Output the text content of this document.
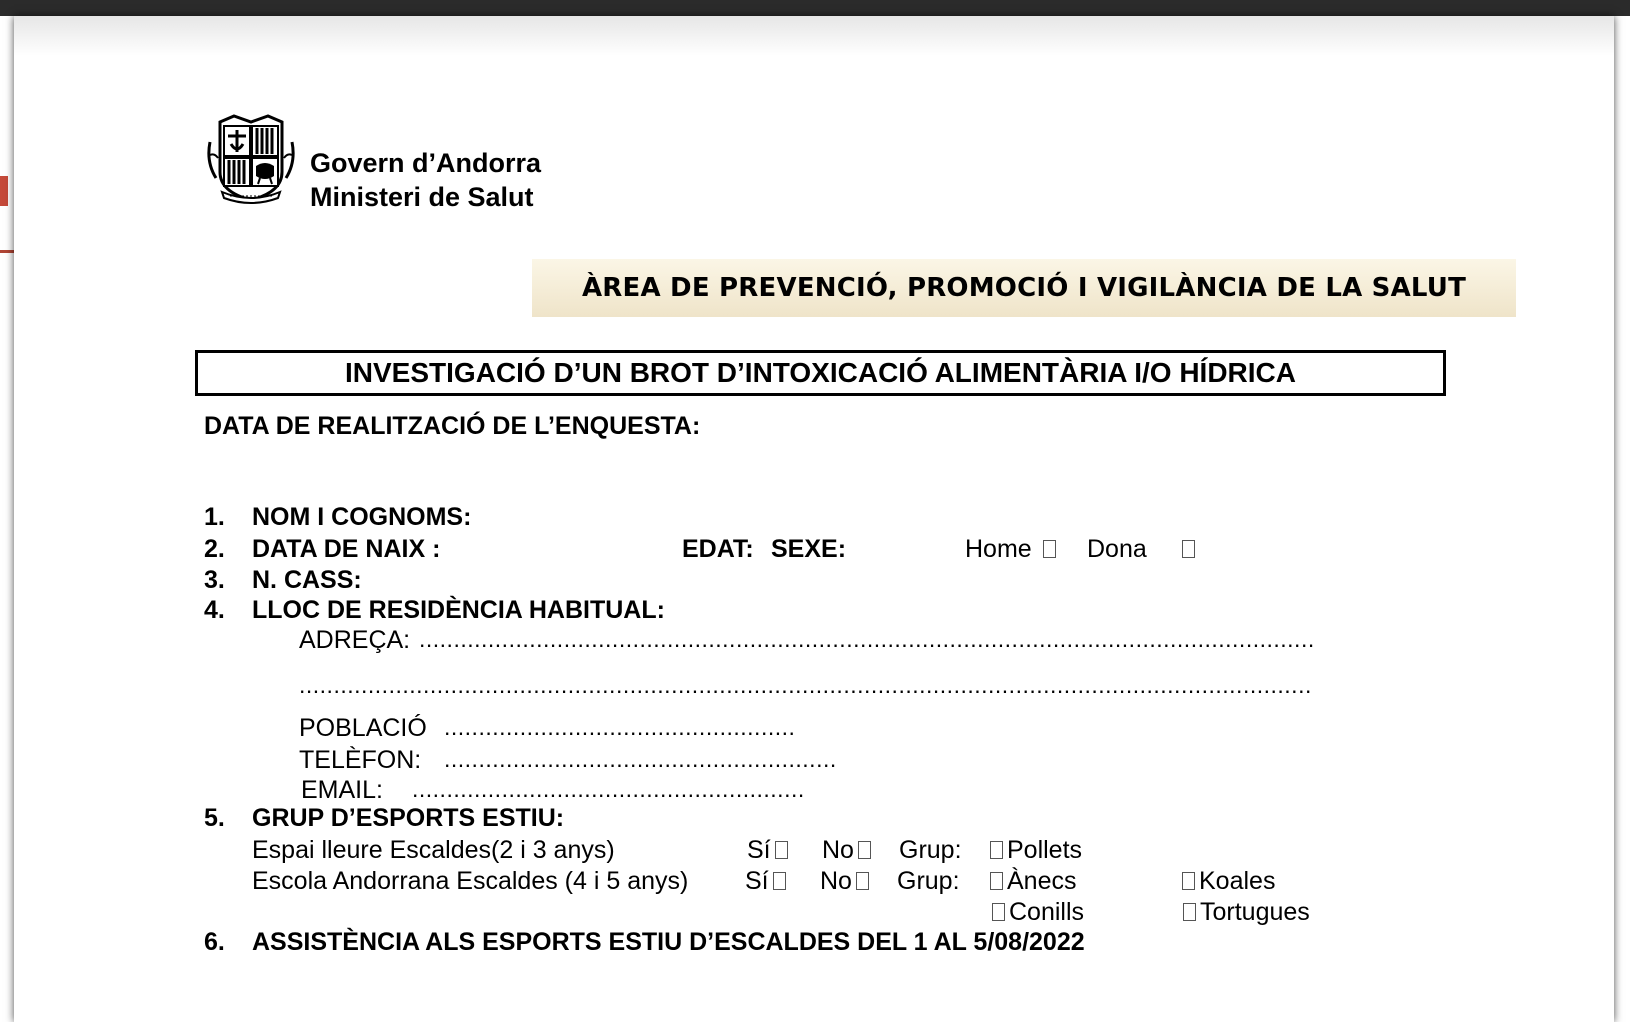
Govern d’Andorra
Ministeri de Salut
ÀREA DE PREVENCIÓ, PROMOCIÓ I VIGILÀNCIA DE LA SALUT
INVESTIGACIÓ D’UN BROT D’INTOXICACIÓ ALIMENTÀRIA I/O HÍDRICA
DATA DE REALITZACIÓ DE L’ENQUESTA:
1. NOM I COGNOMS:
2. DATA DE NAIX :	EDAT: SEXE:	Home	Dona
3. N. CASS:
4. LLOC DE RESIDÈNCIA HABITUAL:
ADREÇA: ..................................................................................................................................
...................................................................................................................................................
POBLACIÓ ...................................................
TELÈFON: .........................................................
EMAIL: .........................................................
5. GRUP D’ESPORTS ESTIU:
Espai lleure Escaldes(2 i 3 anys)	Sí	No	Grup:	Pollets
Escola Andorrana Escaldes (4 i 5 anys) Sí	No	Grup:	Ànecs	Koales
Conills	Tortugues
6. ASSISTÈNCIA ALS ESPORTS ESTIU D’ESCALDES DEL 1 AL 5/08/2022
